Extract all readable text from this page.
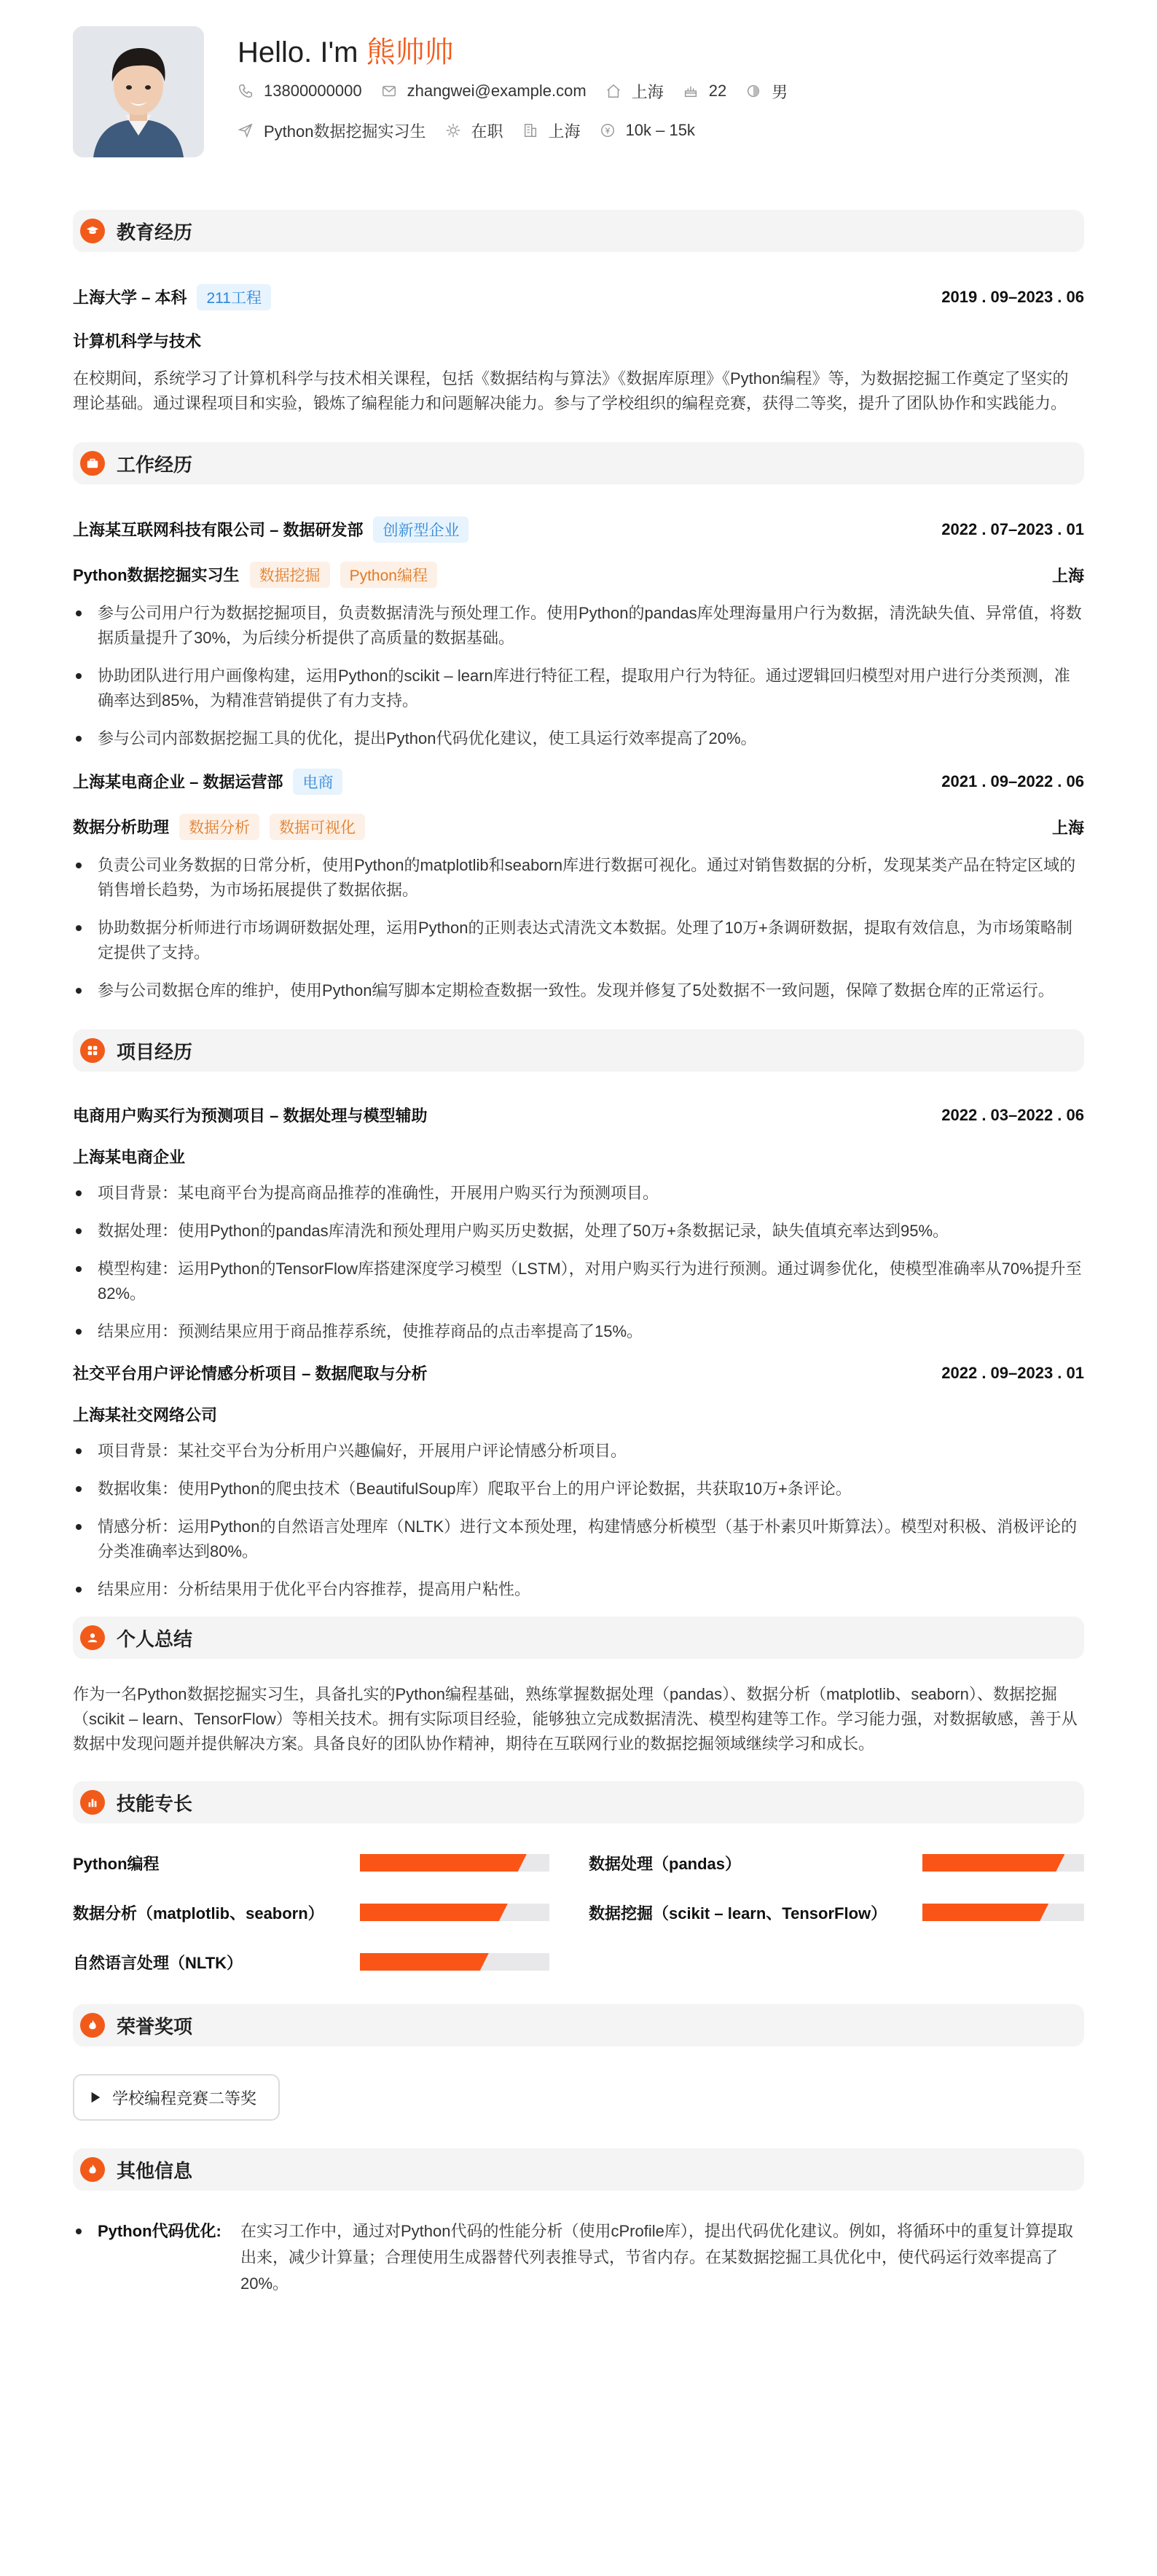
Hello. I'm 熊帅帅
13800000000	zhangwei@example.com	上海	22	男
Python数据挖掘实习生	在职	上海	10k – 15k
教育经历
上海大学 – 本科 211工程	2019 . 09–2023 . 06
计算机科学与技术
在校期间，系统学习了计算机科学与技术相关课程，包括《数据结构与算法》《数据库原理》《Python编程》等，为数据挖掘工作奠定了坚实的理论基础。通过课程项目和实验，锻炼了编程能力和问题解决能力。参与了学校组织的编程竞赛，获得二等奖，提升了团队协作和实践能力。
工作经历
上海某互联网科技有限公司 – 数据研发部 创新型企业	2022 . 07–2023 . 01
Python数据挖掘实习生 数据挖掘 Python编程	上海
参与公司用户行为数据挖掘项目，负责数据清洗与预处理工作。使用Python的pandas库处理海量用户行为数据，清洗缺失值、异常值，将数据质量提升了30%，为后续分析提供了高质量的数据基础。
协助团队进行用户画像构建，运用Python的scikit – learn库进行特征工程，提取用户行为特征。通过逻辑回归模型对用户进行分类预测，准确率达到85%，为精准营销提供了有力支持。
参与公司内部数据挖掘工具的优化，提出Python代码优化建议，使工具运行效率提高了20%。
上海某电商企业 – 数据运营部 电商	2021 . 09–2022 . 06
数据分析助理 数据分析 数据可视化	上海
负责公司业务数据的日常分析，使用Python的matplotlib和seaborn库进行数据可视化。通过对销售数据的分析，发现某类产品在特定区域的销售增长趋势，为市场拓展提供了数据依据。
协助数据分析师进行市场调研数据处理，运用Python的正则表达式清洗文本数据。处理了10万+条调研数据，提取有效信息，为市场策略制定提供了支持。
参与公司数据仓库的维护，使用Python编写脚本定期检查数据一致性。发现并修复了5处数据不一致问题，保障了数据仓库的正常运行。
项目经历
电商用户购买行为预测项目 – 数据处理与模型辅助	2022 . 03–2022 . 06
上海某电商企业
项目背景：某电商平台为提高商品推荐的准确性，开展用户购买行为预测项目。
数据处理：使用Python的pandas库清洗和预处理用户购买历史数据，处理了50万+条数据记录，缺失值填充率达到95%。
模型构建：运用Python的TensorFlow库搭建深度学习模型（LSTM），对用户购买行为进行预测。通过调参优化，使模型准确率从70%提升至82%。
结果应用：预测结果应用于商品推荐系统，使推荐商品的点击率提高了15%。
社交平台用户评论情感分析项目 – 数据爬取与分析	2022 . 09–2023 . 01
上海某社交网络公司
项目背景：某社交平台为分析用户兴趣偏好，开展用户评论情感分析项目。
数据收集：使用Python的爬虫技术（BeautifulSoup库）爬取平台上的用户评论数据，共获取10万+条评论。
情感分析：运用Python的自然语言处理库（NLTK）进行文本预处理，构建情感分析模型（基于朴素贝叶斯算法）。模型对积极、消极评论的分类准确率达到80%。
结果应用：分析结果用于优化平台内容推荐，提高用户粘性。
个人总结
作为一名Python数据挖掘实习生，具备扎实的Python编程基础，熟练掌握数据处理（pandas）、数据分析（matplotlib、seaborn）、数据挖掘（scikit – learn、TensorFlow）等相关技术。拥有实际项目经验，能够独立完成数据清洗、模型构建等工作。学习能力强，对数据敏感，善于从数据中发现问题并提供解决方案。具备良好的团队协作精神，期待在互联网行业的数据挖掘领域继续学习和成长。
技能专长
Python编程	数据处理（pandas）
数据分析（matplotlib、seaborn）	数据挖掘（scikit – learn、TensorFlow）
自然语言处理（NLTK）
荣誉奖项
学校编程竞赛二等奖
其他信息
Python代码优化:	在实习工作中，通过对Python代码的性能分析（使用cProfile库），提出代码优化建议。例如，将循环中的重复计算提取出来，减少计算量；合理使用生成器替代列表推导式，节省内存。在某数据挖掘工具优化中，使代码运行效率提高了20%。
